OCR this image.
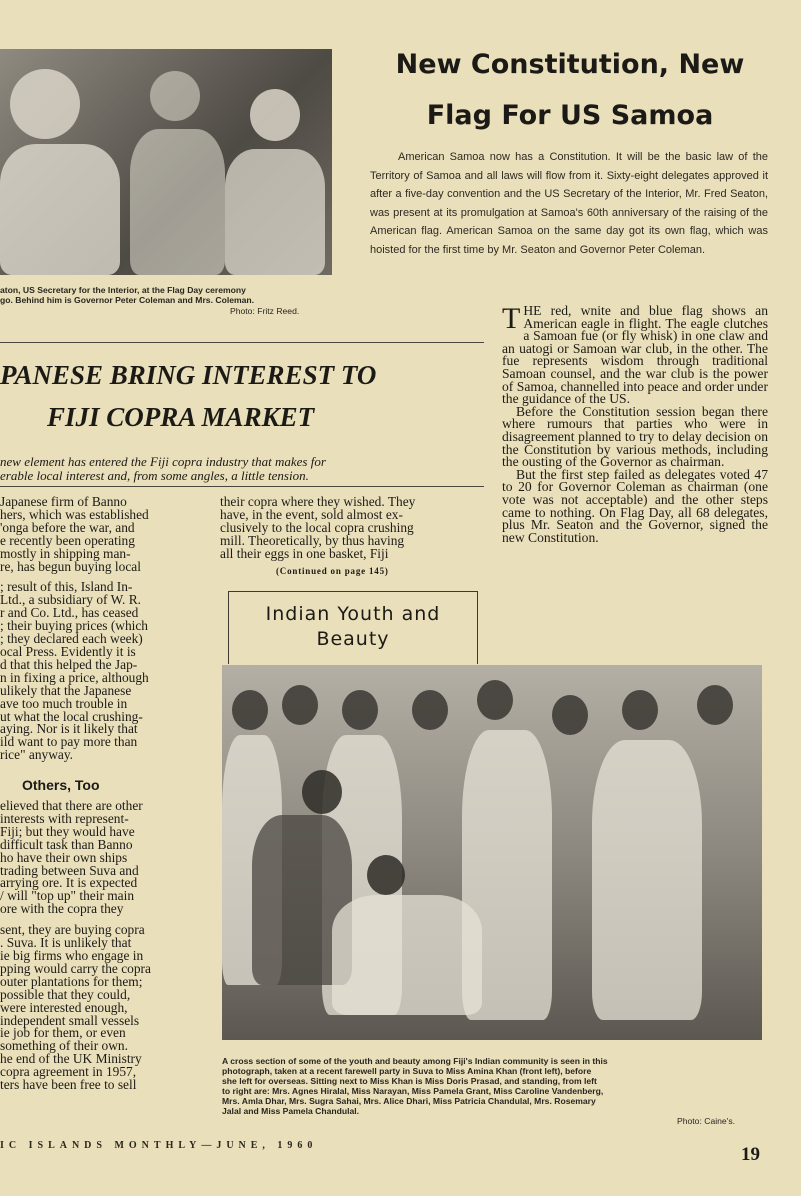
aton, US Secretary for the Interior, at the Flag Day ceremony
go. Behind him is Governor Peter Coleman and Mrs. Coleman.
Photo: Fritz Reed.
New Constitution, New
Flag For US Samoa
American Samoa now has a Constitution. It will be the basic law of the Territory of Samoa and all laws will flow from it. Sixty-eight delegates approved it after a five-day convention and the US Secretary of the Interior, Mr. Fred Seaton, was present at its promulgation at Samoa's 60th anniversary of the raising of the American flag. American Samoa on the same day got its own flag, which was hoisted for the first time by Mr. Seaton and Governor Peter Coleman.

THE red, wnite and blue flag shows an American eagle in flight. The eagle clutches a Samoan fue (or fly whisk) in one claw and an uatogi or Samoan war club, in the other. The fue represents wisdom through traditional Samoan counsel, and the war club is the power of Samoa, channelled into peace and order under the guidance of the US.

Before the Constitution session began there where rumours that parties who were in disagreement planned to try to delay decision on the Constitution by various methods, including the ousting of the Governor as chairman.

But the first step failed as delegates voted 47 to 20 for Governor Coleman as chairman (one vote was not acceptable) and the other steps came to nothing. On Flag Day, all 68 delegates, plus Mr. Seaton and the Governor, signed the new Constitution.

PANESE BRING INTEREST TO
FIJI COPRA MARKET
new element has entered the Fiji copra industry that makes for
erable local interest and, from some angles, a little tension.
Japanese firm of Banno
hers, which was established
'onga before the war, and
e recently been operating
mostly in shipping man-
re, has begun buying local
; result of this, Island In-
Ltd., a subsidiary of W. R.
r and Co. Ltd., has ceased
; their buying prices (which
; they declared each week)
ocal Press. Evidently it is
d that this helped the Jap-
n in fixing a price, although
ulikely that the Japanese
ave too much trouble in
ut what the local crushing-
aying. Nor is it likely that
ild want to pay more than
rice" anyway.
Others, Too
elieved that there are other
interests with represent-
Fiji; but they would have
difficult task than Banno
ho have their own ships
trading between Suva and
arrying ore. It is expected
/ will "top up" their main
ore with the copra they
sent, they are buying copra
. Suva. It is unlikely that
ie big firms who engage in
pping would carry the copra
outer plantations for them;
possible that they could,
were interested enough,
independent small vessels
ie job for them, or even
something of their own.
he end of the UK Ministry
copra agreement in 1957,
ters have been free to sell
their copra where they wished. They
have, in the event, sold almost ex-
clusively to the local copra crushing
mill. Theoretically, by thus having
all their eggs in one basket, Fiji
(Continued on page 145)
Indian Youth and
Beauty
A cross section of some of the youth and beauty among Fiji's Indian community is seen in this
photograph, taken at a recent farewell party in Suva to Miss Amina Khan (front left), before
she left for overseas. Sitting next to Miss Khan is Miss Doris Prasad, and standing, from left
to right are: Mrs. Agnes Hiralal, Miss Narayan, Miss Pamela Grant, Miss Caroline Vandenberg,
Mrs. Amla Dhar, Mrs. Sugra Sahai, Mrs. Alice Dhari, Miss Patricia Chandulal, Mrs. Rosemary
Jalal and Miss Pamela Chandulal.
Photo: Caine's.
IC ISLANDS MONTHLY—JUNE, 1960	19
